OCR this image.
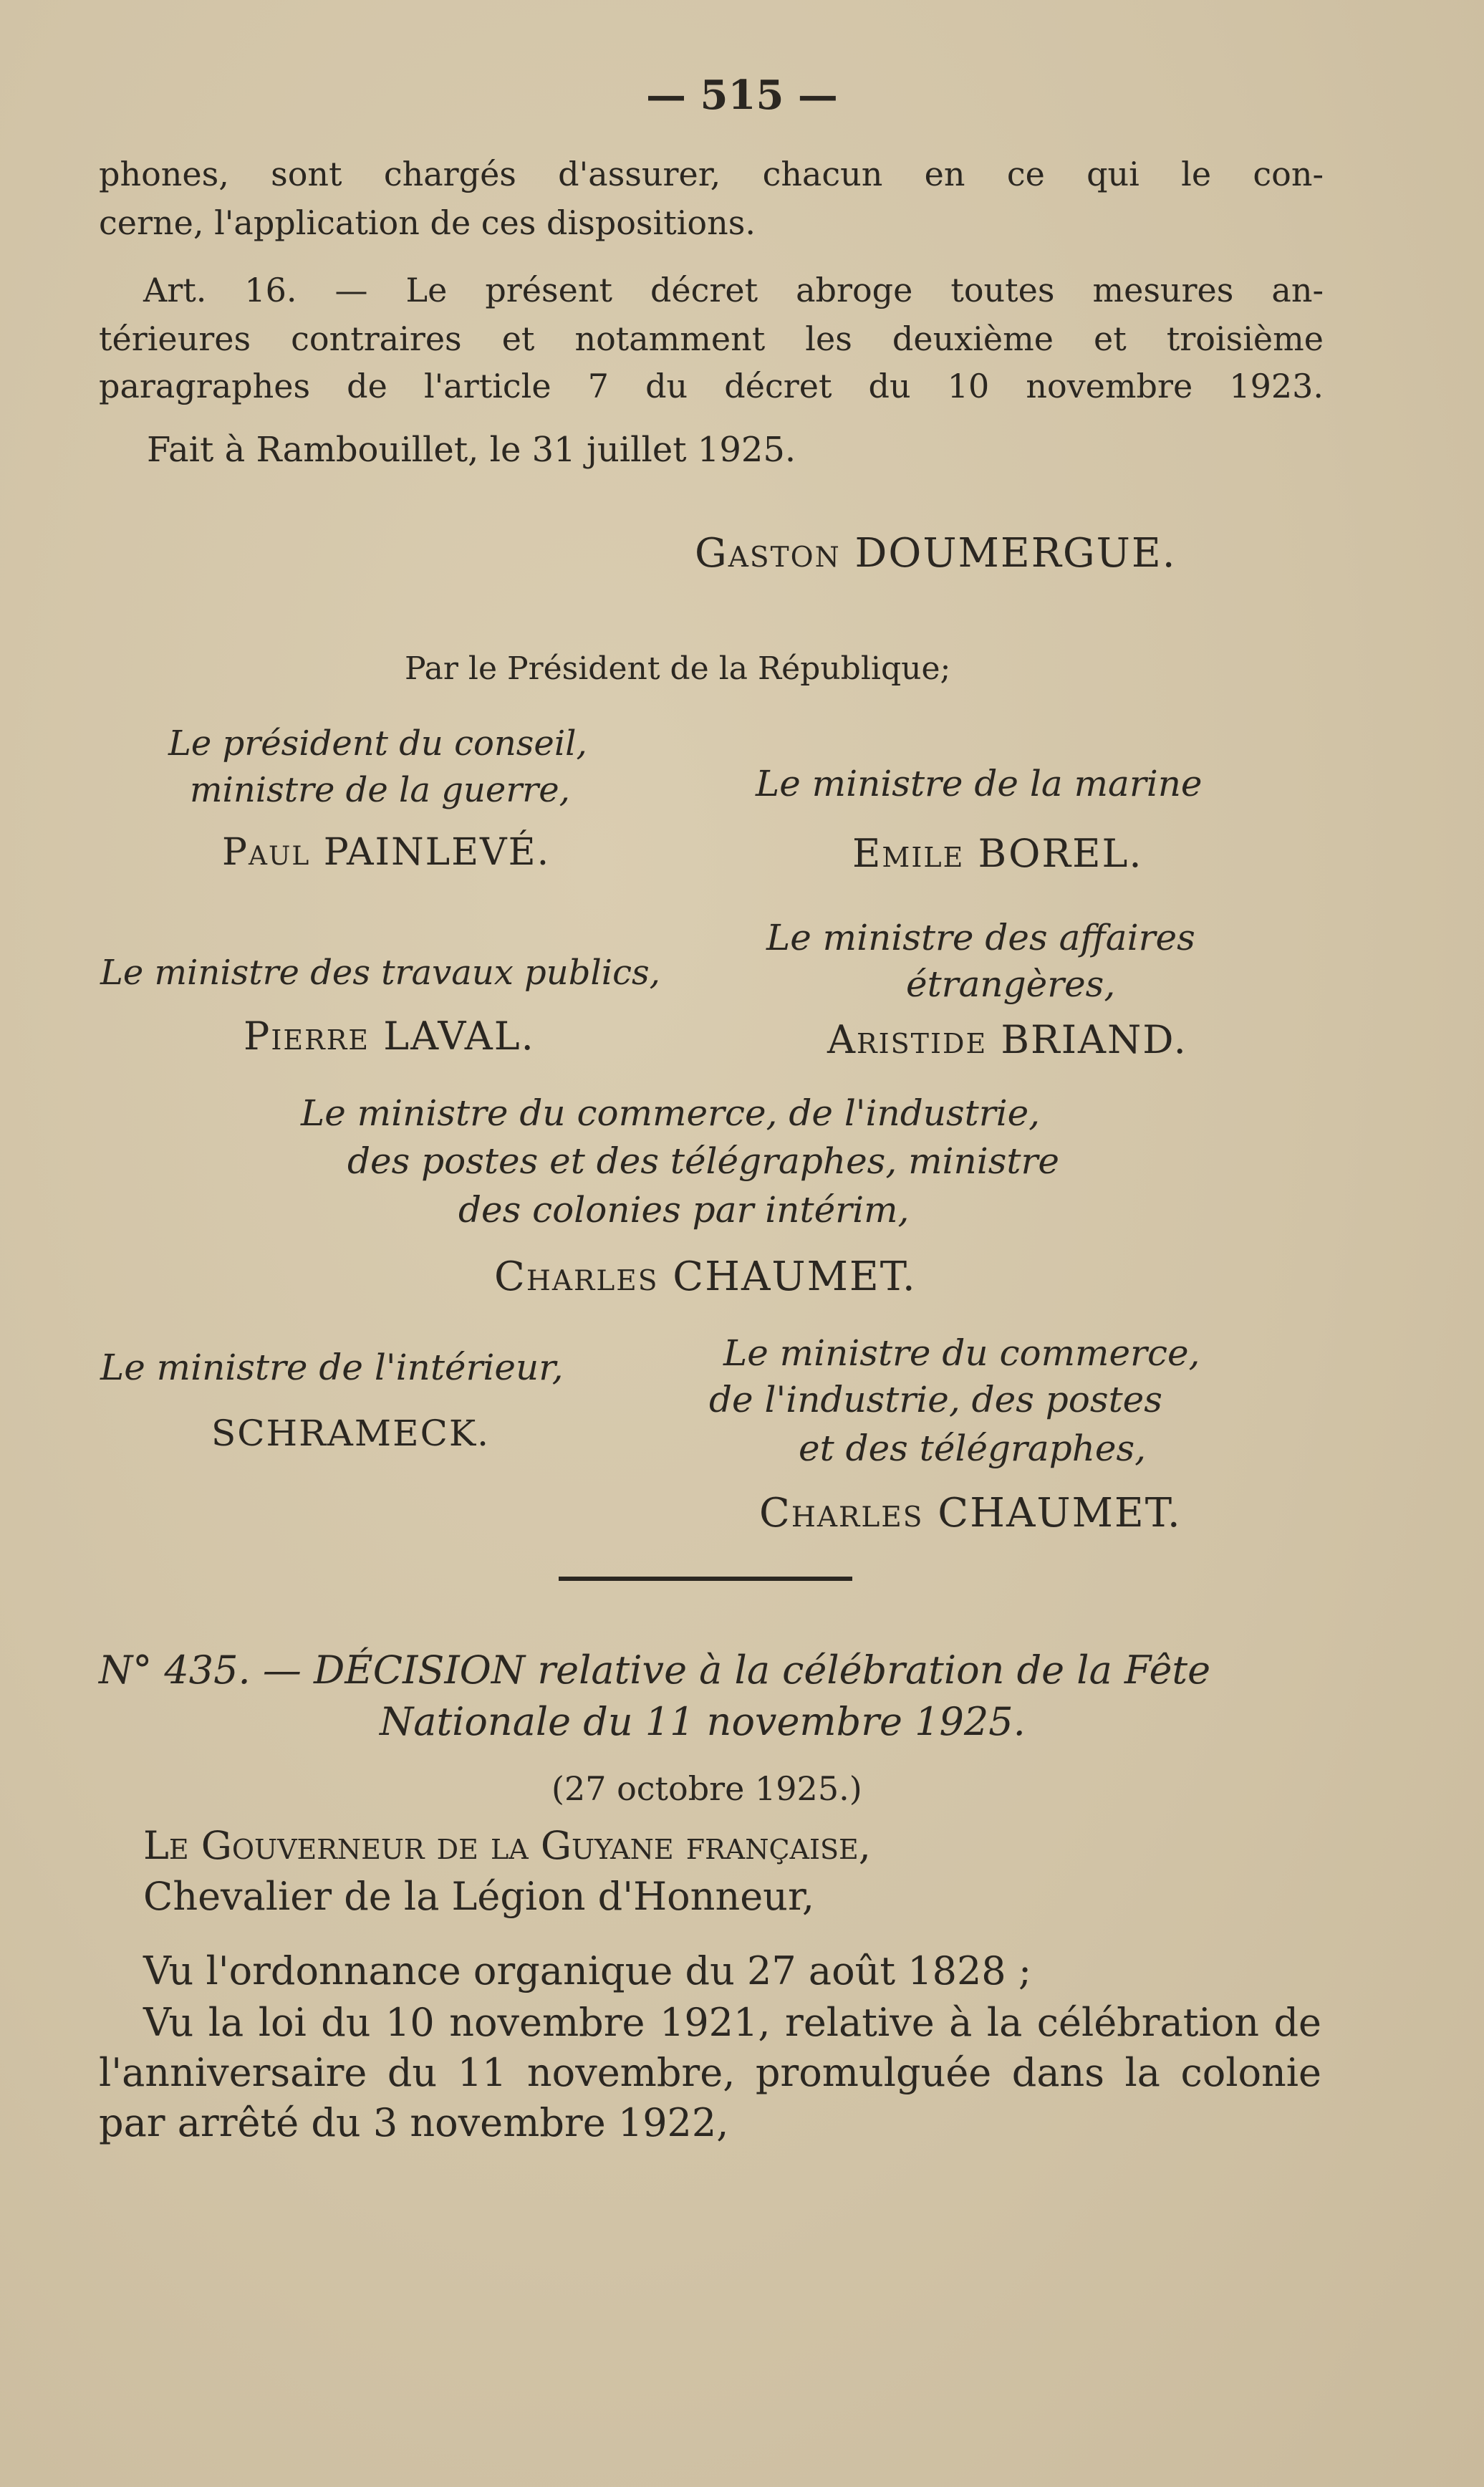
— 515 —

phones, sont chargés d'assurer, chacun en ce qui le con-

cerne, l'application de ces dispositions.

Art. 16. — Le présent décret abroge toutes mesures an-

térieures contraires et notamment les deuxième et troisième

paragraphes de l'article 7 du décret du 10 novembre 1923.

Fait à Rambouillet, le 31 juillet 1925.

Gaston DOUMERGUE.

Par le Président de la République;

Le président du conseil,

ministre de la guerre,

Paul PAINLEVÉ.

Le ministre de la marine

Emile BOREL.

Le ministre des travaux publics,

Pierre LAVAL.

Le ministre des affaires

étrangères,

Aristide BRIAND.

Le ministre du commerce, de l'industrie,

des postes et des télégraphes, ministre

des colonies par intérim,

Charles CHAUMET.

Le ministre de l'intérieur,

SCHRAMECK.

Le ministre du commerce,

de l'industrie, des postes

et des télégraphes,

Charles CHAUMET.

N° 435. — DÉCISION relative à la célébration de la Fête

Nationale du 11 novembre 1925.

(27 octobre 1925.)

Le Gouverneur de la Guyane française,

Chevalier de la Légion d'Honneur,

Vu l'ordonnance organique du 27 août 1828 ;

Vu la loi du 10 novembre 1921, relative à la célébration de

l'anniversaire du 11 novembre, promulguée dans la colonie

par arrêté du 3 novembre 1922,
